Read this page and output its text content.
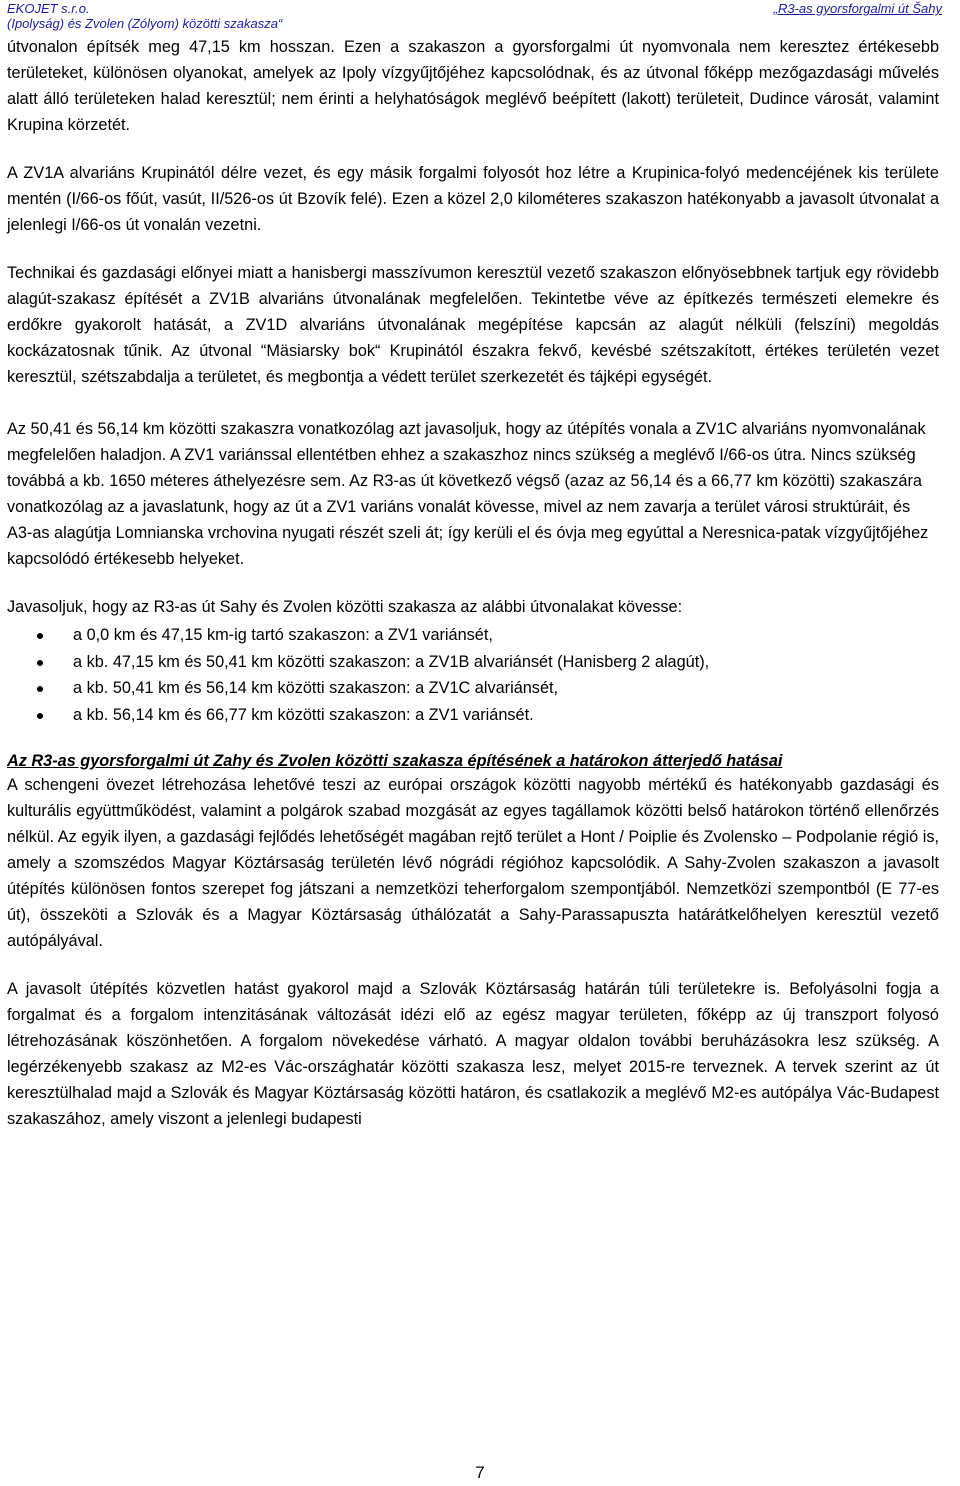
EKOJET s.r.o.
(Ipolyság) és Zvolen (Zólyom) közötti szakasza“
„R3-as gyorsforgalmi út Šahy

útvonalon építsék meg 47,15 km hosszan. Ezen a szakaszon a gyorsforgalmi út nyomvonala nem keresztez értékesebb területeket, különösen olyanokat, amelyek az Ipoly vízgyűjtőjéhez kapcsolódnak, és az útvonal főképp mezőgazdasági művelés alatt álló területeken halad keresztül; nem érinti a helyhatóságok meglévő beépített (lakott) területeit, Dudince városát, valamint Krupina körzetét.

A ZV1A alvariáns Krupinától délre vezet, és egy másik forgalmi folyosót hoz létre a Krupinica-folyó medencéjének kis területe mentén (I/66-os főút, vasút, II/526-os út Bzovík felé). Ezen a közel 2,0 kilométeres szakaszon hatékonyabb a javasolt útvonalat a jelenlegi I/66-os út vonalán vezetni.

Technikai és gazdasági előnyei miatt a hanisbergi masszívumon keresztül vezető szakaszon előnyösebbnek tartjuk egy rövidebb alagút-szakasz építését a ZV1B alvariáns útvonalának megfelelően. Tekintetbe véve az építkezés természeti elemekre és erdőkre gyakorolt hatását, a ZV1D alvariáns útvonalának megépítése kapcsán az alagút nélküli (felszíni) megoldás kockázatosnak tűnik. Az útvonal “Mäsiarsky bok“ Krupinától északra fekvő, kevésbé szétszakított, értékes területén vezet keresztül, szétszabdalja a területet, és megbontja a védett terület szerkezetét és tájképi egységét.

Az 50,41 és 56,14 km közötti szakaszra vonatkozólag azt javasoljuk, hogy az útépítés vonala a ZV1C alvariáns nyomvonalának megfelelően haladjon. A ZV1 variánssal ellentétben ehhez a szakaszhoz nincs szükség a meglévő I/66-os útra. Nincs szükség továbbá a kb. 1650 méteres áthelyezésre sem. Az R3-as út következő végső (azaz az 56,14 és a 66,77 km közötti) szakaszára vonatkozólag az a javaslatunk, hogy az út a ZV1 variáns vonalát kövesse, mivel az nem zavarja a terület városi struktúráit, és A3-as alagútja Lomnianska vrchovina nyugati részét szeli át; így kerüli el és óvja meg egyúttal a Neresnica-patak vízgyűjtőjéhez kapcsolódó értékesebb helyeket.

Javasoljuk, hogy az R3-as út Sahy és Zvolen közötti szakasza az alábbi útvonalakat kövesse:

a 0,0 km és 47,15 km-ig tartó szakaszon: a ZV1 variánsét,
a kb. 47,15 km és 50,41 km közötti szakaszon: a ZV1B alvariánsét (Hanisberg 2 alagút),
a kb. 50,41 km és 56,14 km közötti szakaszon: a ZV1C alvariánsét,
a kb. 56,14 km és 66,77 km közötti szakaszon: a ZV1 variánsét.

Az R3-as gyorsforgalmi út Zahy és Zvolen közötti szakasza építésének a határokon átterjedő hatásai

A schengeni övezet létrehozása lehetővé teszi az európai országok közötti nagyobb mértékű és hatékonyabb gazdasági és kulturális együttműködést, valamint a polgárok szabad mozgását az egyes tagállamok közötti belső határokon történő ellenőrzés nélkül. Az egyik ilyen, a gazdasági fejlődés lehetőségét magában rejtő terület a Hont / Poiplie és Zvolensko – Podpolanie régió is, amely a szomszédos Magyar Köztársaság területén lévő nógrádi régióhoz kapcsolódik. A Sahy-Zvolen szakaszon a javasolt útépítés különösen fontos szerepet fog játszani a nemzetközi teherforgalom szempontjából. Nemzetközi szempontból (E 77-es út), összeköti a Szlovák és a Magyar Köztársaság úthálózatát a Sahy-Parassapuszta határátkelőhelyen keresztül vezető autópályával.

A javasolt útépítés közvetlen hatást gyakorol majd a Szlovák Köztársaság határán túli területekre is. Befolyásolni fogja a forgalmat és a forgalom intenzitásának változását idézi elő az egész magyar területen, főképp az új transzport folyosó létrehozásának köszönhetően. A forgalom növekedése várható. A magyar oldalon további beruházásokra lesz szükség. A legérzékenyebb szakasz az M2-es Vác-országhatár közötti szakasza lesz, melyet 2015-re terveznek. A tervek szerint az út keresztülhalad majd a Szlovák és Magyar Köztársaság közötti határon, és csatlakozik a meglévő M2-es autópálya Vác-Budapest szakaszához, amely viszont a jelenlegi budapesti

7
